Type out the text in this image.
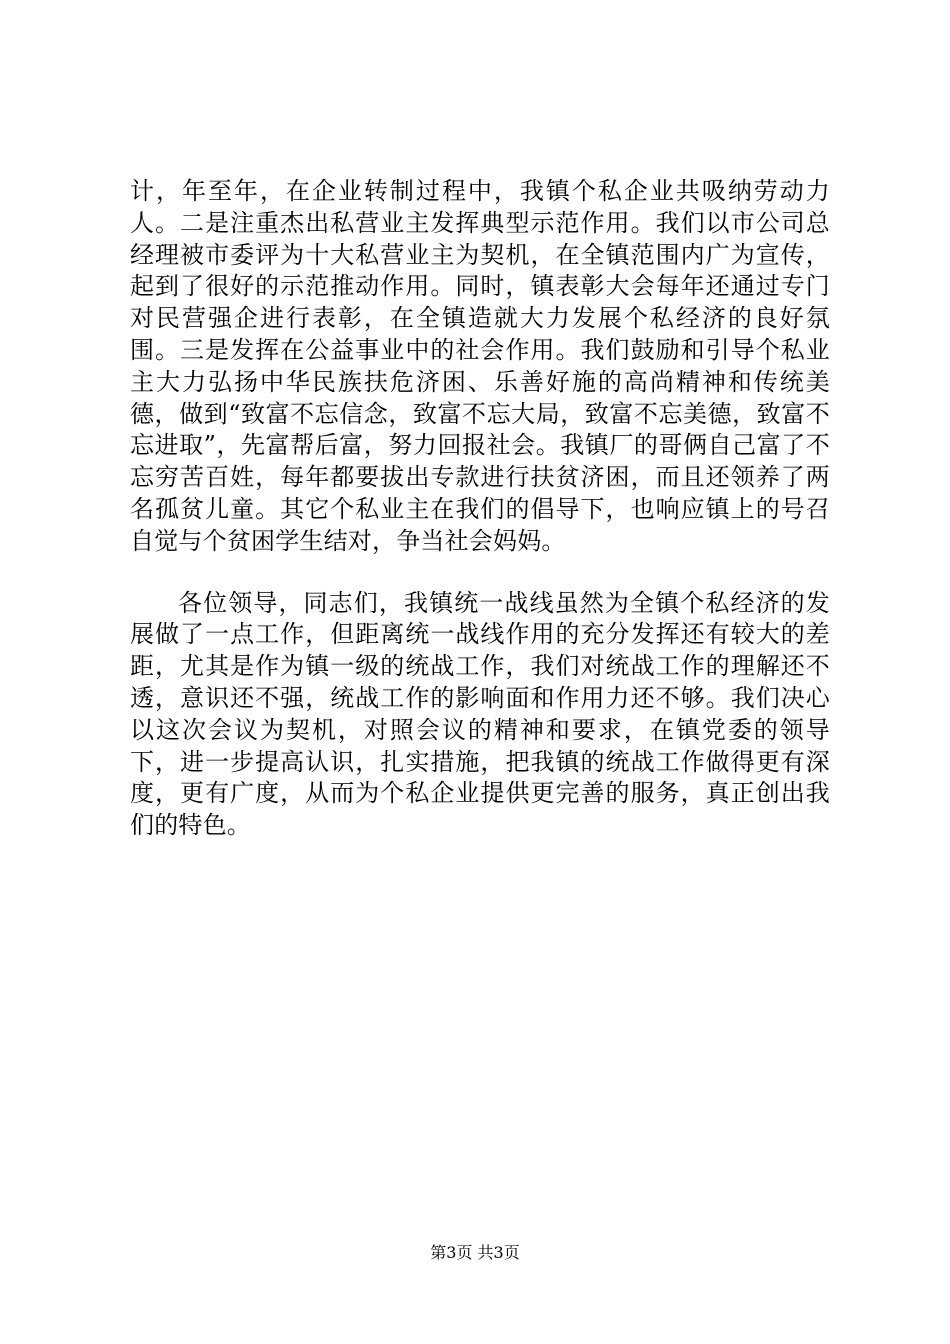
计，年至年，在企业转制过程中，我镇个私企业共吸纳劳动力人。二是注重杰出私营业主发挥典型示范作用。我们以市公司总经理被市委评为十大私营业主为契机，在全镇范围内广为宣传，起到了很好的示范推动作用。同时，镇表彰大会每年还通过专门对民营强企进行表彰，在全镇造就大力发展个私经济的良好氛围。三是发挥在公益事业中的社会作用。我们鼓励和引导个私业主大力弘扬中华民族扶危济困、乐善好施的高尚精神和传统美德，做到“致富不忘信念，致富不忘大局，致富不忘美德，致富不忘进取”，先富帮后富，努力回报社会。我镇厂的哥俩自己富了不忘穷苦百姓，每年都要拔出专款进行扶贫济困，而且还领养了两名孤贫儿童。其它个私业主在我们的倡导下，也响应镇上的号召自觉与个贫困学生结对，争当社会妈妈。

各位领导，同志们，我镇统一战线虽然为全镇个私经济的发展做了一点工作，但距离统一战线作用的充分发挥还有较大的差距，尤其是作为镇一级的统战工作，我们对统战工作的理解还不透，意识还不强，统战工作的影响面和作用力还不够。我们决心以这次会议为契机，对照会议的精神和要求，在镇党委的领导下，进一步提高认识，扎实措施，把我镇的统战工作做得更有深度，更有广度，从而为个私企业提供更完善的服务，真正创出我们的特色。

第3页 共3页
